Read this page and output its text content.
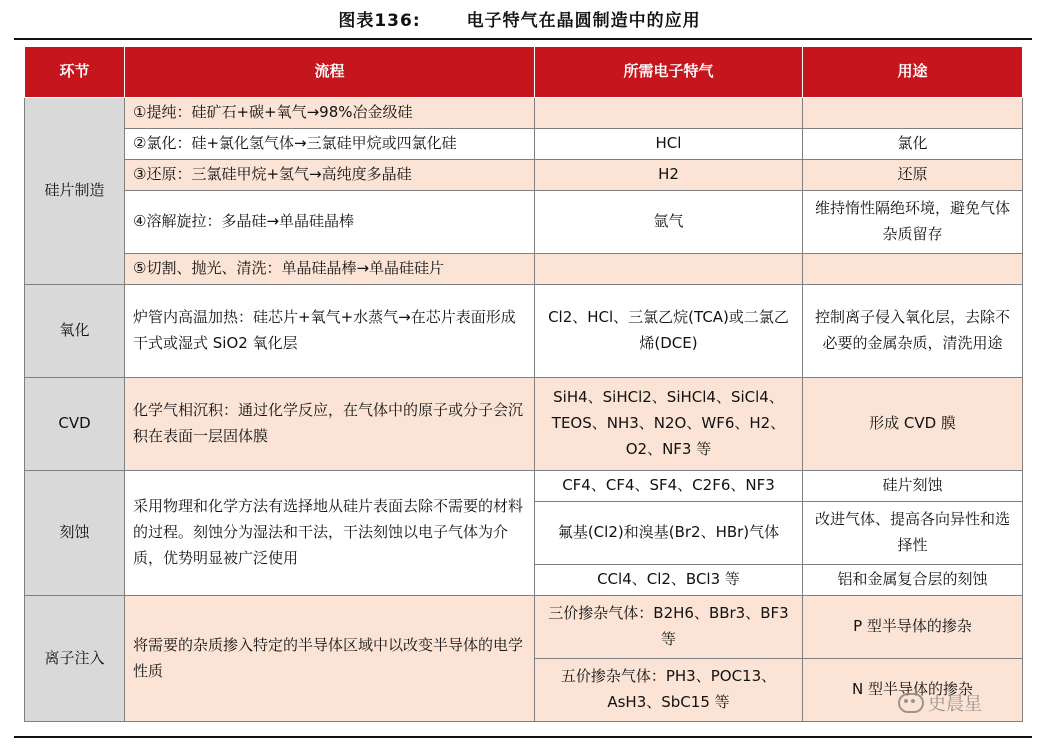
图表136:	电子特气在晶圆制造中的应用
环节	流程	所需电子特气	用途
硅片制造	①提纯：硅矿石+碳+氧气→98%冶金级硅		
	②氯化：硅+氯化氢气体→三氯硅甲烷或四氯化硅	HCl	氯化
	③还原：三氯硅甲烷+氢气→高纯度多晶硅	H2	还原
	④溶解旋拉：多晶硅→单晶硅晶棒	氩气	维持惰性隔绝环境，避免气体杂质留存
	⑤切割、抛光、清洗：单晶硅晶棒→单晶硅硅片		
氧化	炉管内高温加热：硅芯片+氧气+水蒸气→在芯片表面形成干式或湿式 SiO2 氧化层	Cl2、HCl、三氯乙烷(TCA)或二氯乙烯(DCE)	控制离子侵入氧化层，去除不必要的金属杂质，清洗用途
CVD	化学气相沉积：通过化学反应，在气体中的原子或分子会沉积在表面一层固体膜	SiH4、SiHCl2、SiHCl4、SiCl4、TEOS、NH3、N2O、WF6、H2、O2、NF3 等	形成 CVD 膜
刻蚀	采用物理和化学方法有选择地从硅片表面去除不需要的材料的过程。刻蚀分为湿法和干法，干法刻蚀以电子气体为介质，优势明显被广泛使用	CF4、CF4、SF4、C2F6、NF3	硅片刻蚀
		氟基(Cl2)和溴基(Br2、HBr)气体	改进气体、提高各向异性和选择性
		CCl4、Cl2、BCl3 等	铝和金属复合层的刻蚀
离子注入	将需要的杂质掺入特定的半导体区域中以改变半导体的电学性质	三价掺杂气体：B2H6、BBr3、BF3 等	P 型半导体的掺杂
		五价掺杂气体：PH3、POC13、AsH3、SbC15 等	N 型半导体的掺杂
史晨星
